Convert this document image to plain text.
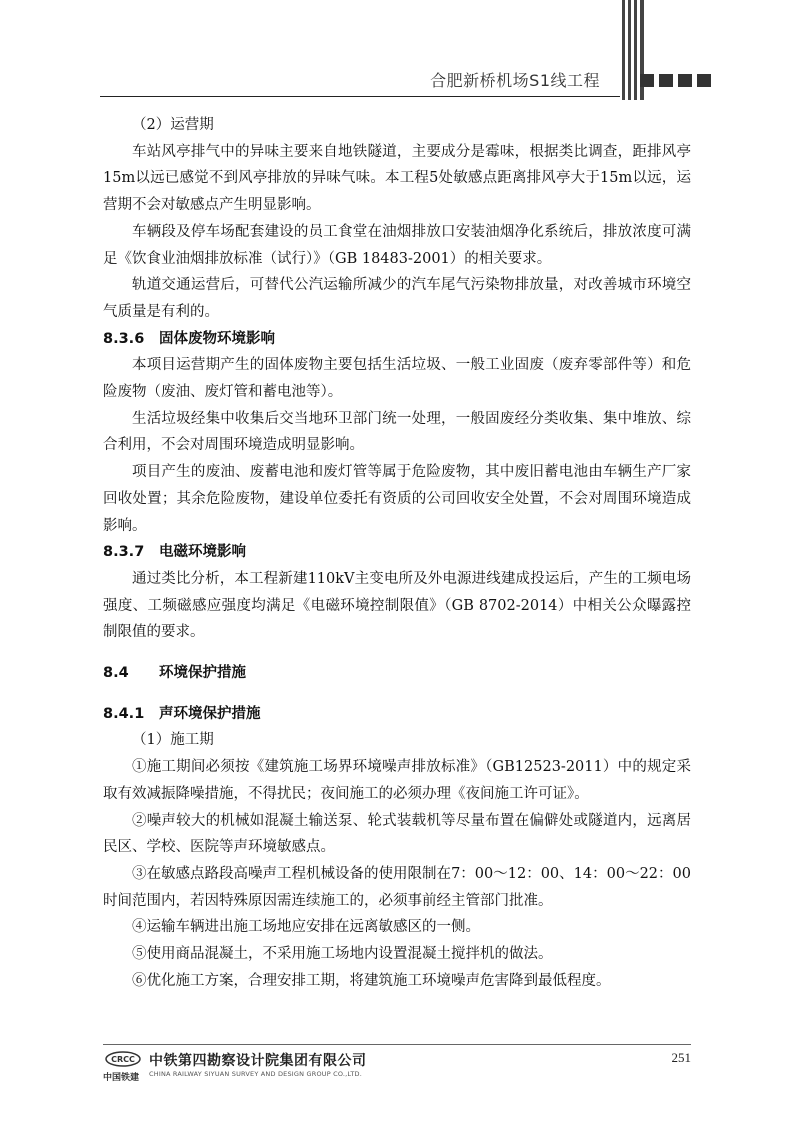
合肥新桥机场S1线工程

（2）运营期

车站风亭排气中的异味主要来自地铁隧道，主要成分是霉味，根据类比调查，距排风亭15m以远已感觉不到风亭排放的异味气味。本工程5处敏感点距离排风亭大于15m以远，运营期不会对敏感点产生明显影响。

车辆段及停车场配套建设的员工食堂在油烟排放口安装油烟净化系统后，排放浓度可满足《饮食业油烟排放标准（试行）》（GB 18483-2001）的相关要求。

轨道交通运营后，可替代公汽运输所减少的汽车尾气污染物排放量，对改善城市环境空气质量是有利的。

8.3.6 固体废物环境影响

本项目运营期产生的固体废物主要包括生活垃圾、一般工业固废（废弃零部件等）和危险废物（废油、废灯管和蓄电池等）。

生活垃圾经集中收集后交当地环卫部门统一处理，一般固废经分类收集、集中堆放、综合利用，不会对周围环境造成明显影响。

项目产生的废油、废蓄电池和废灯管等属于危险废物，其中废旧蓄电池由车辆生产厂家回收处置；其余危险废物，建设单位委托有资质的公司回收安全处置，不会对周围环境造成影响。

8.3.7 电磁环境影响

通过类比分析，本工程新建110kV主变电所及外电源进线建成投运后，产生的工频电场强度、工频磁感应强度均满足《电磁环境控制限值》（GB 8702-2014）中相关公众曝露控制限值的要求。

8.4 环境保护措施
8.4.1 声环境保护措施

（1）施工期

①施工期间必须按《建筑施工场界环境噪声排放标准》（GB12523-2011）中的规定采取有效减振降噪措施，不得扰民；夜间施工的必须办理《夜间施工许可证》。

②噪声较大的机械如混凝土输送泵、轮式装载机等尽量布置在偏僻处或隧道内，远离居民区、学校、医院等声环境敏感点。

③在敏感点路段高噪声工程机械设备的使用限制在7：00～12：00、14：00～22：00时间范围内，若因特殊原因需连续施工的，必须事前经主管部门批准。

④运输车辆进出施工场地应安排在远离敏感区的一侧。

⑤使用商品混凝土，不采用施工场地内设置混凝土搅拌机的做法。

⑥优化施工方案，合理安排工期，将建筑施工环境噪声危害降到最低程度。

CRCC
中国铁建
中铁第四勘察设计院集团有限公司
CHINA RAILWAY SIYUAN SURVEY AND DESIGN GROUP CO.,LTD.
251
